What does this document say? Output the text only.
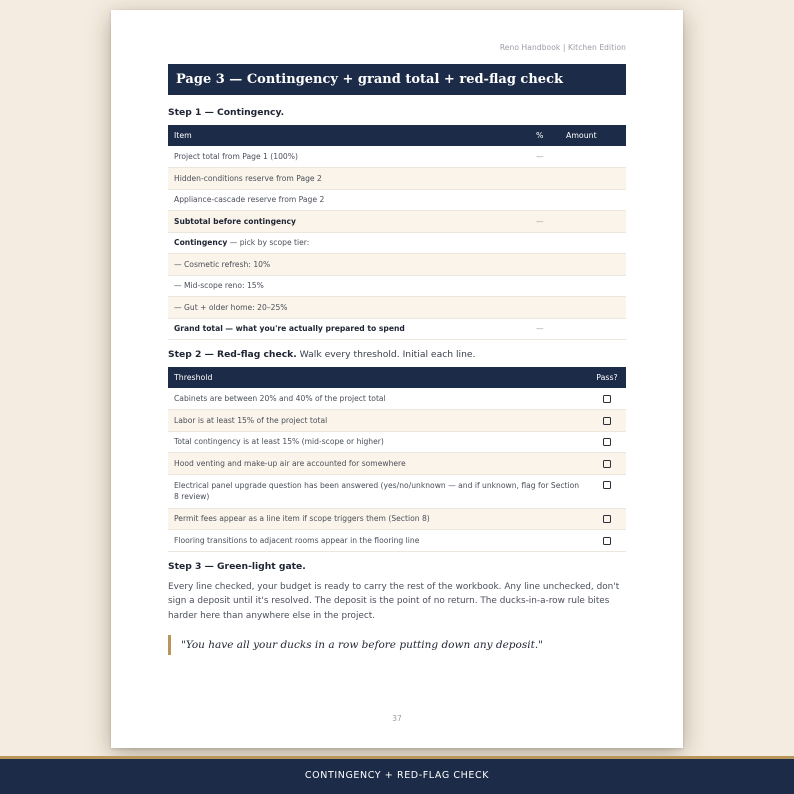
Reno Handbook | Kitchen Edition
Page 3 — Contingency + grand total + red-flag check
Step 1 — Contingency.
Item	%	Amount
Project total from Page 1 (100%)	—	
Hidden-conditions reserve from Page 2		
Appliance-cascade reserve from Page 2		
Subtotal before contingency	—	
Contingency — pick by scope tier:		
— Cosmetic refresh: 10%		
— Mid-scope reno: 15%		
— Gut + older home: 20–25%		
Grand total — what you're actually prepared to spend	—	
Step 2 — Red-flag check. Walk every threshold. Initial each line.
Threshold	Pass?
Cabinets are between 20% and 40% of the project total	
Labor is at least 15% of the project total	
Total contingency is at least 15% (mid-scope or higher)	
Hood venting and make-up air are accounted for somewhere	
Electrical panel upgrade question has been answered (yes/no/unknown — and if unknown, flag for Section 8 review)	
Permit fees appear as a line item if scope triggers them (Section 8)	
Flooring transitions to adjacent rooms appear in the flooring line	
Step 3 — Green-light gate.
Every line checked, your budget is ready to carry the rest of the workbook. Any line unchecked, don't sign a deposit until it's resolved. The deposit is the point of no return. The ducks-in-a-row rule bites harder here than anywhere else in the project.
"You have all your ducks in a row before putting down any deposit."
37
CONTINGENCY + RED-FLAG CHECK
